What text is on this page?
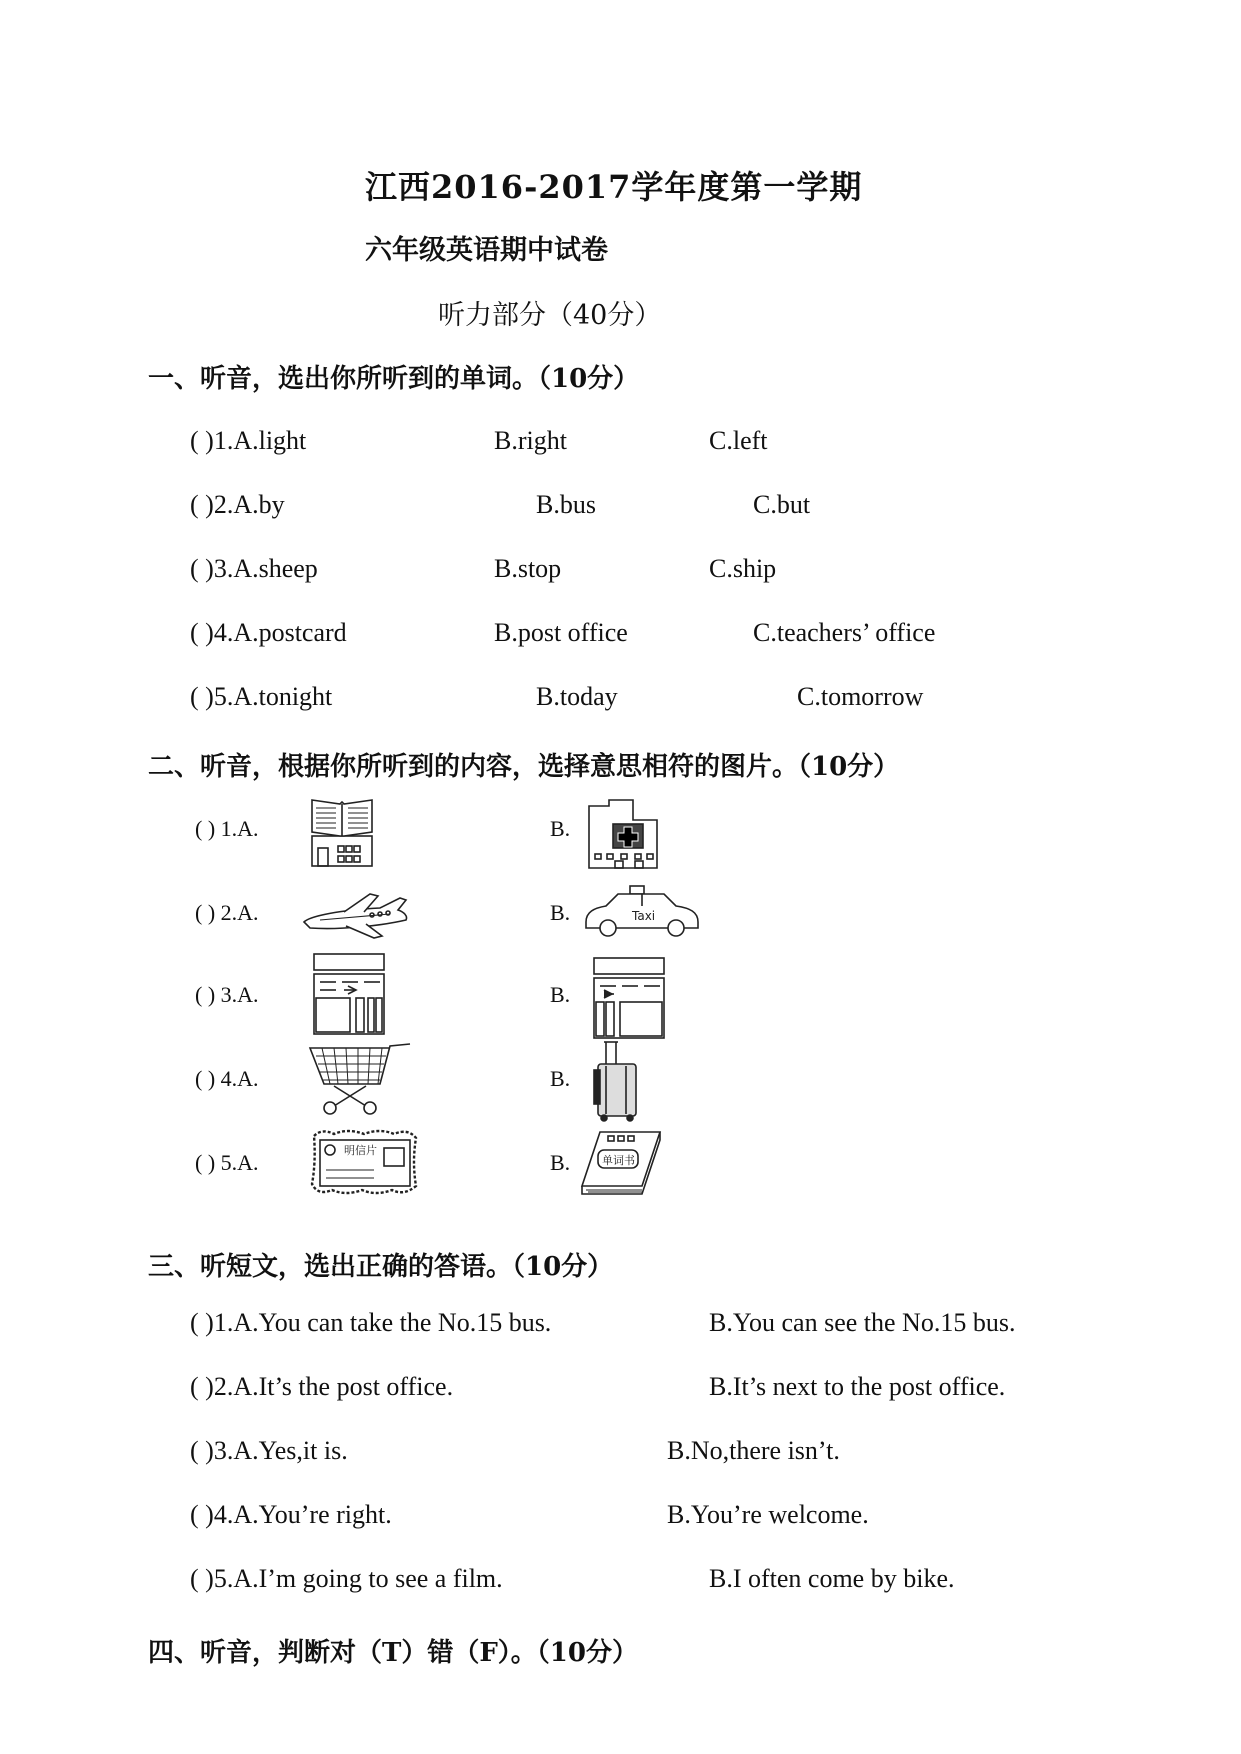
江西2016-2017学年度第一学期
六年级英语期中试卷
听力部分（40分）
一、听音，选出你所听到的单词。（10分）
( )1.A.light	B.right	C.left
( )2.A.by	B.bus	C.but
( )3.A.sheep	B.stop	C.ship
( )4.A.postcard	B.post office	C.teachers’ office
( )5.A.tonight	B.today	C.tomorrow
二、听音，根据你所听到的内容，选择意思相符的图片。（10分）
( ) 1.A.	B.
( ) 2.A.	B.	Taxi
( ) 3.A.	B.
( ) 4.A.	B.
( ) 5.A.	明信片	B.	单词书
三、听短文，选出正确的答语。（10分）
( )1.A.You can take the No.15 bus.	B.You can see the No.15 bus.
( )2.A.It’s the post office.	B.It’s next to the post office.
( )3.A.Yes,it is.	B.No,there isn’t.
( )4.A.You’re right.	B.You’re welcome.
( )5.A.I’m going to see a film.	B.I often come by bike.
四、听音，判断对（T）错（F）。（10分）
